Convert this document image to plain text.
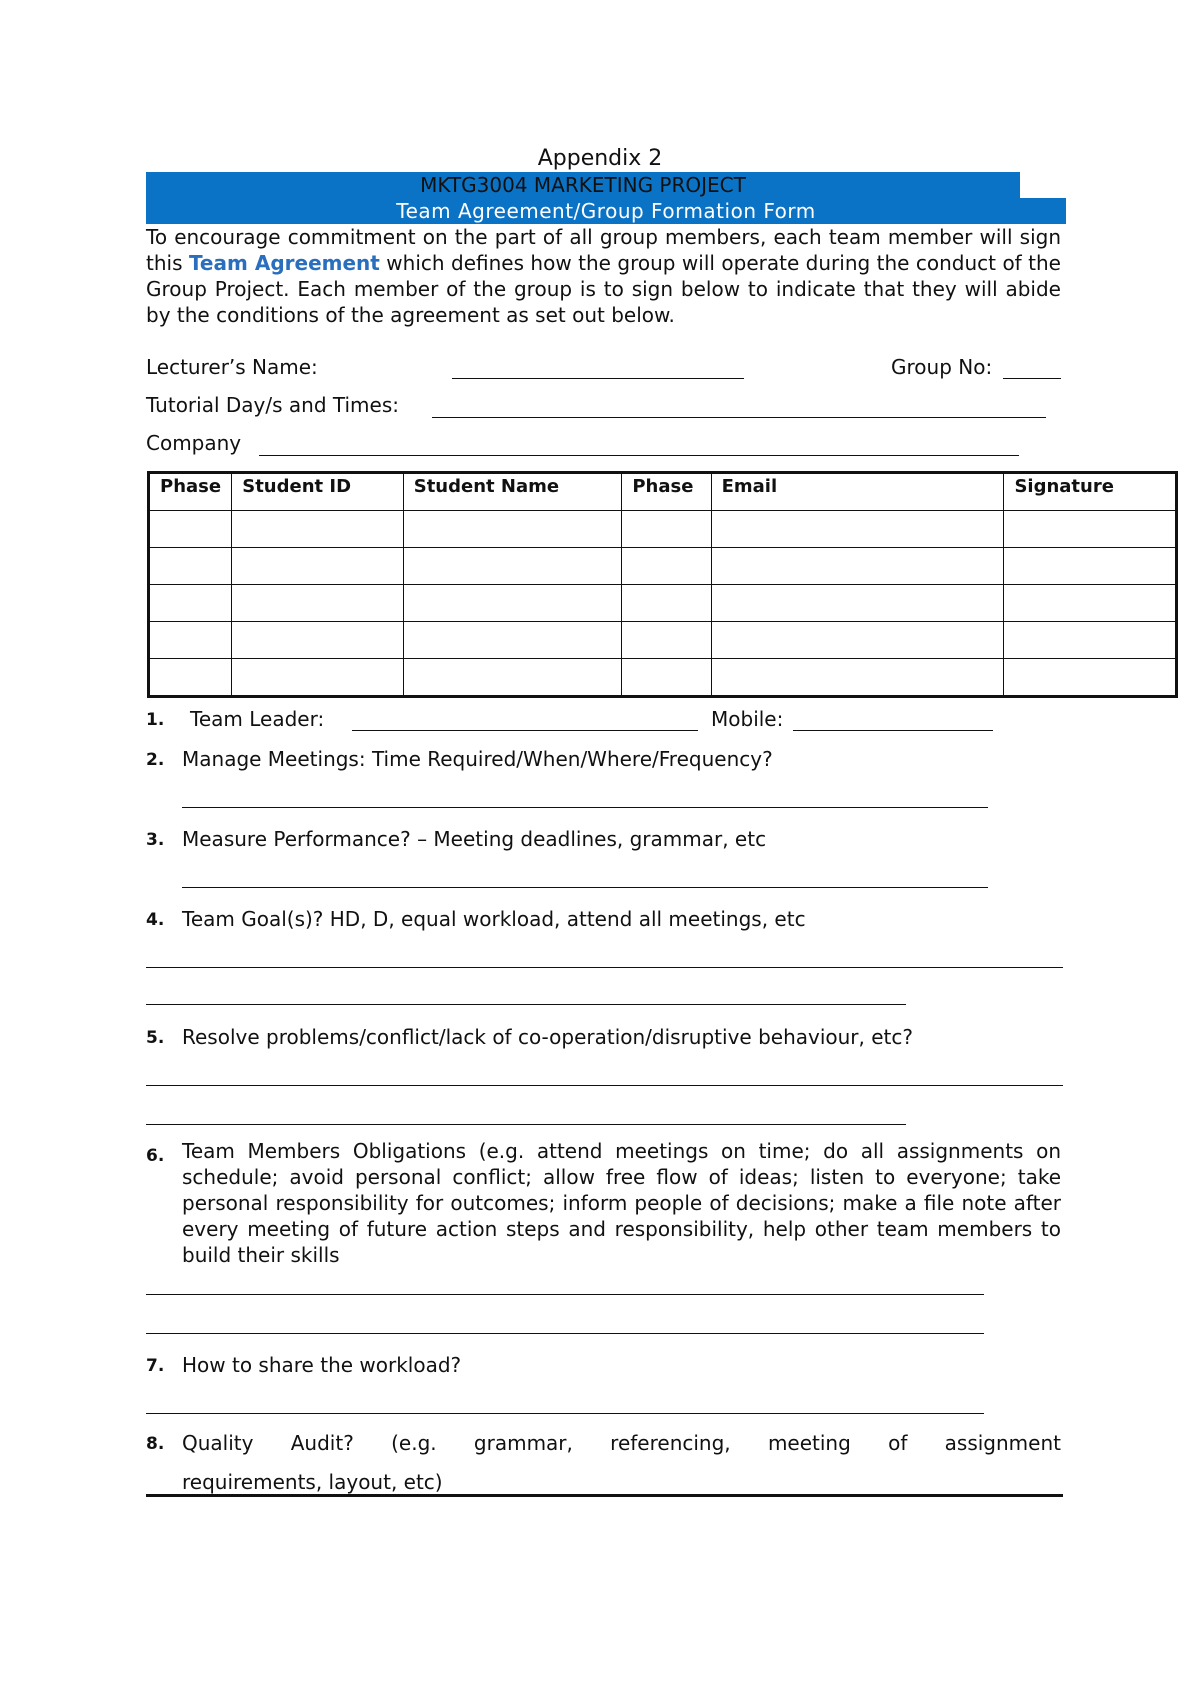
Appendix 2
MKTG3004 MARKETING PROJECT
Team Agreement/Group Formation Form
To encourage commitment on the part of all group members, each team member will sign this Team Agreement which defines how the group will operate during the conduct of the Group Project. Each member of the group is to sign below to indicate that they will abide by the conditions of the agreement as set out below.
Lecturer’s Name:	Group No:
Tutorial Day/s and Times:
Company
Phase	Student ID	Student Name	Phase	Email	Signature

1. Team Leader:	Mobile:
2. Manage Meetings: Time Required/When/Where/Frequency?
3. Measure Performance? – Meeting deadlines, grammar, etc
4. Team Goal(s)? HD, D, equal workload, attend all meetings, etc
5. Resolve problems/conflict/lack of co-operation/disruptive behaviour, etc?
6. Team Members Obligations (e.g. attend meetings on time; do all assignments on schedule; avoid personal conflict; allow free flow of ideas; listen to everyone; take personal responsibility for outcomes; inform people of decisions; make a file note after every meeting of future action steps and responsibility, help other team members to build their skills
7. How to share the workload?
8. Quality Audit? (e.g. grammar, referencing, meeting of assignment
requirements, layout, etc)
